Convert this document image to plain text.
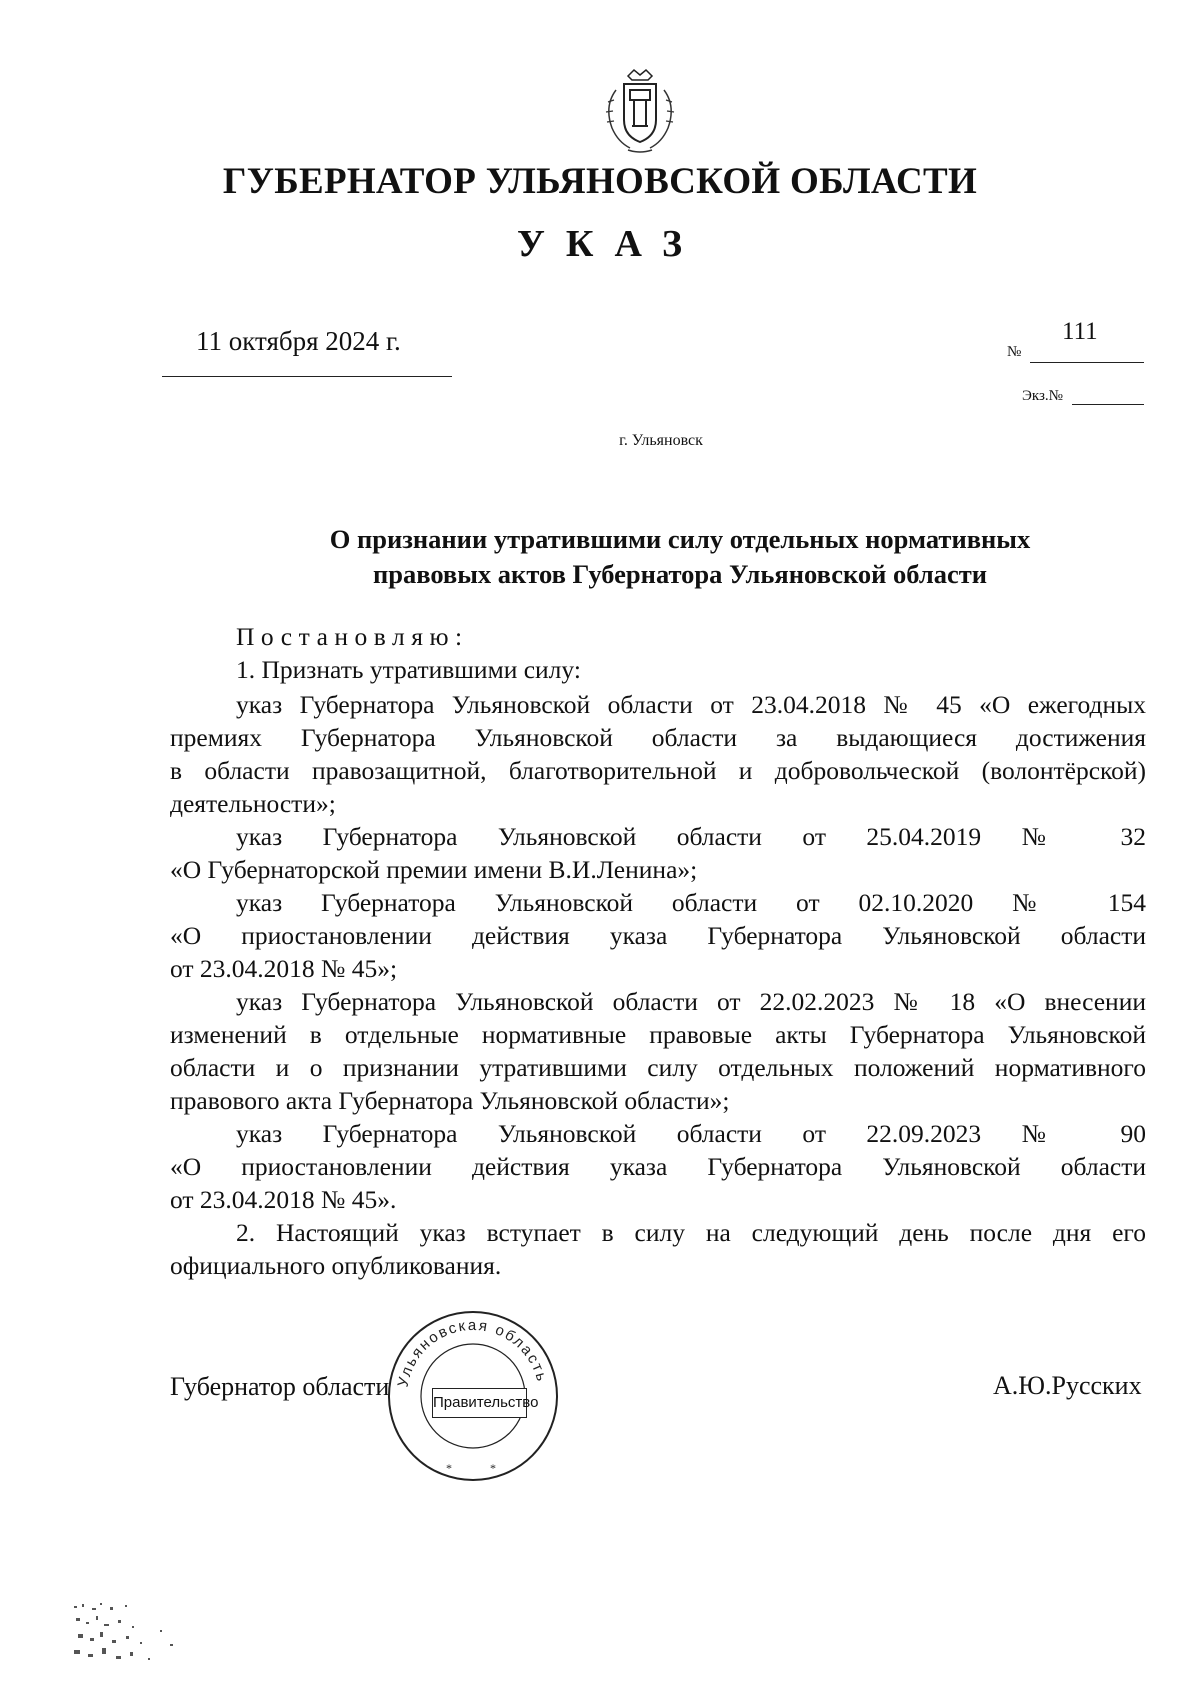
ГУБЕРНАТОР УЛЬЯНОВСКОЙ ОБЛАСТИ
УКАЗ
11 октября 2024 г.	№
111
Экз.№
г. Ульяновск
О признании утратившими силу отдельных нормативных
правовых актов Губернатора Ульяновской области
Постановляю:
1. Признать утратившими силу:
указ Губернатора Ульяновской области от 23.04.2018 № 45 «О ежегодных
премиях Губернатора Ульяновской области за выдающиеся достижения
в области правозащитной, благотворительной и добровольческой (волонтёрской)
деятельности»;
указ Губернатора Ульяновской области от 25.04.2019 № 32
«О Губернаторской премии имени В.И.Ленина»;
указ Губернатора Ульяновской области от 02.10.2020 № 154
«О приостановлении действия указа Губернатора Ульяновской области
от 23.04.2018 № 45»;
указ Губернатора Ульяновской области от 22.02.2023 № 18 «О внесении
изменений в отдельные нормативные правовые акты Губернатора Ульяновской
области и о признании утратившими силу отдельных положений нормативного
правового акта Губернатора Ульяновской области»;
указ Губернатора Ульяновской области от 22.09.2023 № 90
«О приостановлении действия указа Губернатора Ульяновской области
от 23.04.2018 № 45».
2. Настоящий указ вступает в силу на следующий день после дня его
официального опубликования.
Губернатор области	А.Ю.Русских
Ульяновская область
*	*
Правительство
